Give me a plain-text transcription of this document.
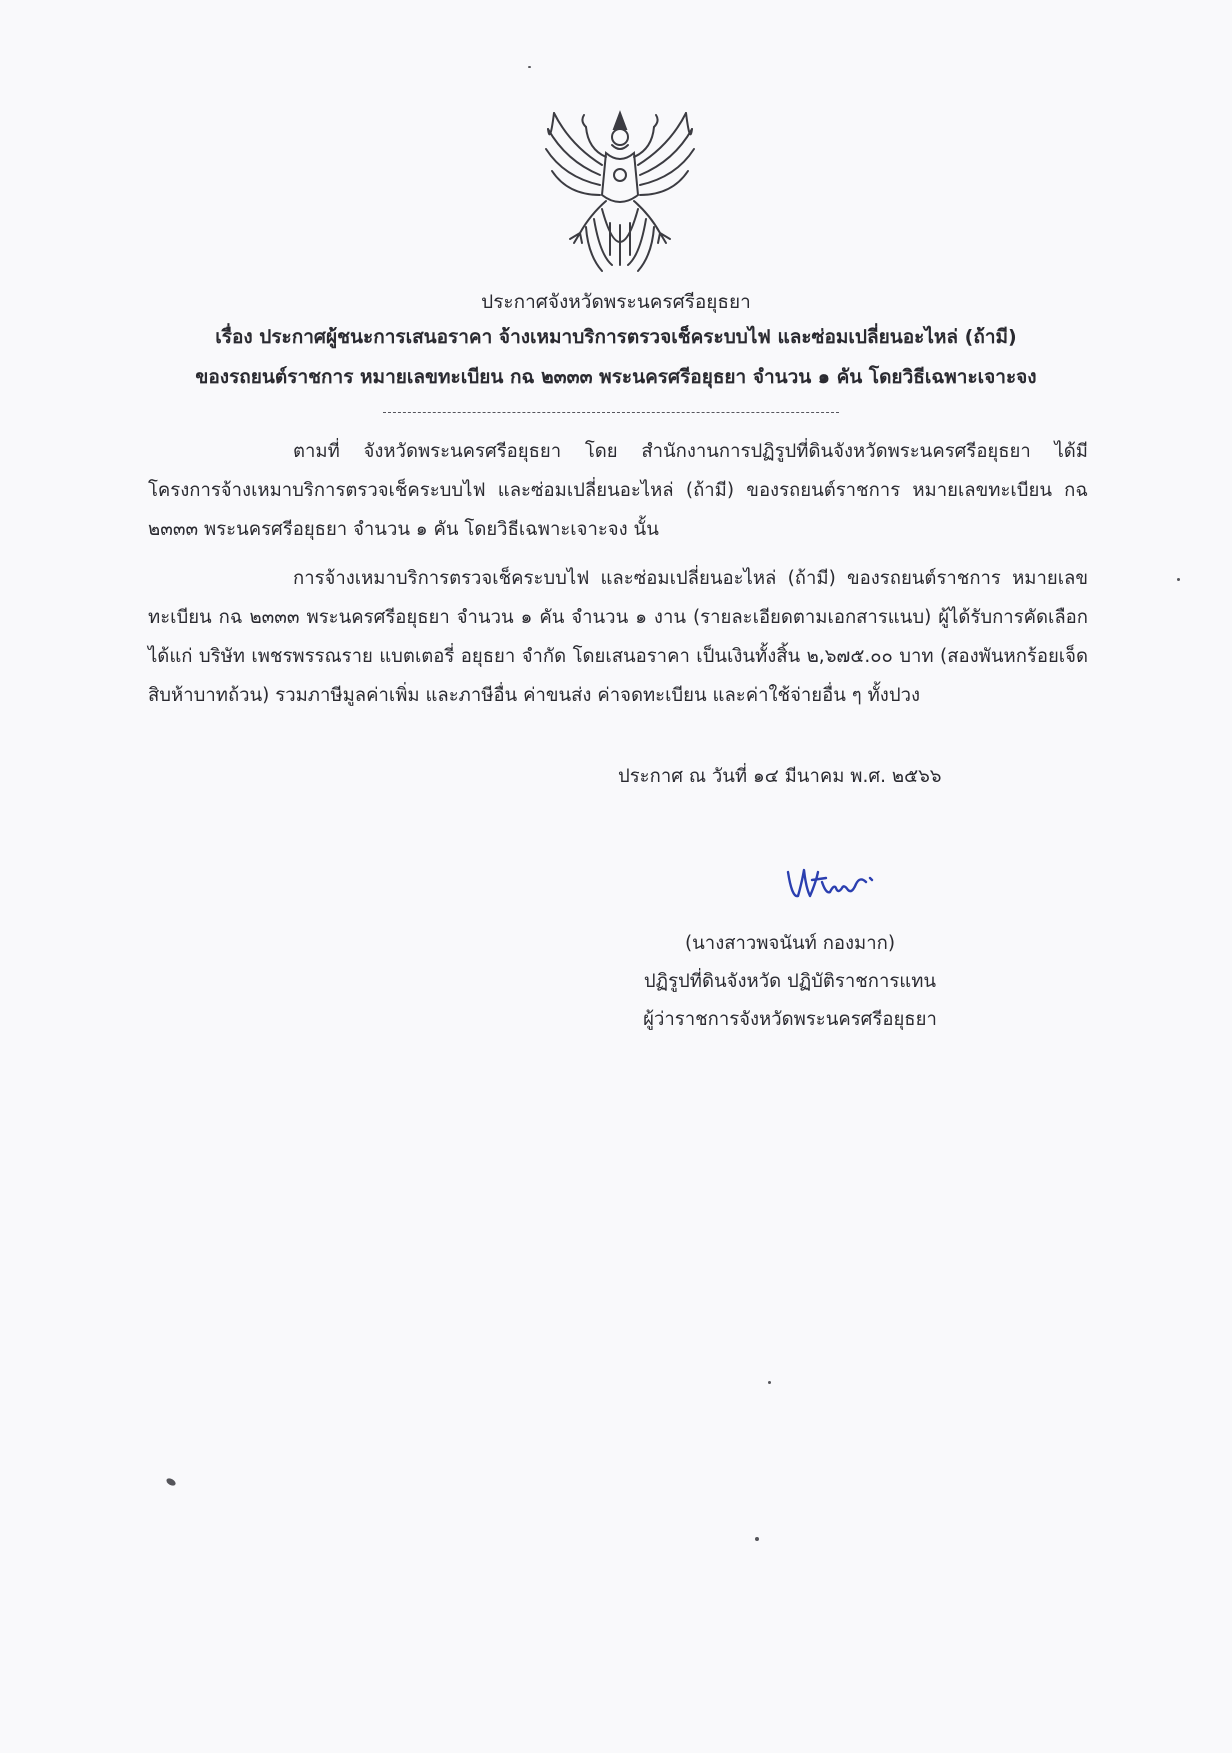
ประกาศจังหวัดพระนครศรีอยุธยา
เรื่อง ประกาศผู้ชนะการเสนอราคา จ้างเหมาบริการตรวจเช็คระบบไฟ และซ่อมเปลี่ยนอะไหล่ (ถ้ามี)
ของรถยนต์ราชการ หมายเลขทะเบียน กฉ ๒๓๓๓ พระนครศรีอยุธยา จำนวน ๑ คัน โดยวิธีเฉพาะเจาะจง
ตามที่ จังหวัดพระนครศรีอยุธยา โดย สำนักงานการปฏิรูปที่ดินจังหวัดพระนครศรีอยุธยา ได้มีโครงการจ้างเหมาบริการตรวจเช็คระบบไฟ และซ่อมเปลี่ยนอะไหล่ (ถ้ามี) ของรถยนต์ราชการ หมายเลขทะเบียน กฉ ๒๓๓๓ พระนครศรีอยุธยา จำนวน ๑ คัน โดยวิธีเฉพาะเจาะจง นั้น
การจ้างเหมาบริการตรวจเช็คระบบไฟ และซ่อมเปลี่ยนอะไหล่ (ถ้ามี) ของรถยนต์ราชการ หมายเลขทะเบียน กฉ ๒๓๓๓ พระนครศรีอยุธยา จำนวน ๑ คัน จำนวน ๑ งาน (รายละเอียดตามเอกสารแนบ) ผู้ได้รับการคัดเลือก ได้แก่ บริษัท เพชรพรรณราย แบตเตอรี่ อยุธยา จำกัด โดยเสนอราคา เป็นเงินทั้งสิ้น ๒,๖๗๕.๐๐ บาท (สองพันหกร้อยเจ็ดสิบห้าบาทถ้วน) รวมภาษีมูลค่าเพิ่ม และภาษีอื่น ค่าขนส่ง ค่าจดทะเบียน และค่าใช้จ่ายอื่น ๆ ทั้งปวง
ประกาศ ณ วันที่ ๑๔ มีนาคม พ.ศ. ๒๕๖๖
(นางสาวพจนันท์ กองมาก)
ปฏิรูปที่ดินจังหวัด ปฏิบัติราชการแทน
ผู้ว่าราชการจังหวัดพระนครศรีอยุธยา
